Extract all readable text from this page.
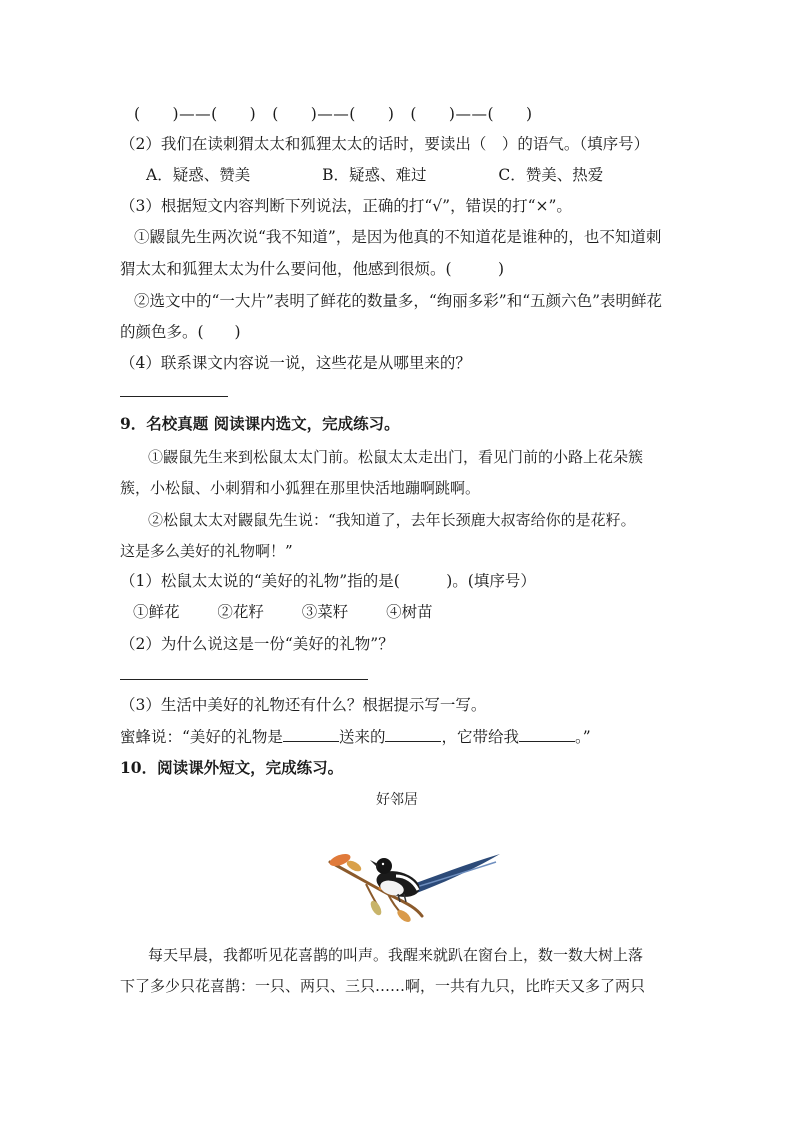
(　　)——(　　)　(　　)——(　　)　(　　)——(　　)
（2）我们在读刺猬太太和狐狸太太的话时，要读出（　）的语气。（填序号）
A．疑惑、赞美	B．疑惑、难过	C．赞美、热爱
（3）根据短文内容判断下列说法，正确的打“√”，错误的打“×”。
①鼹鼠先生两次说“我不知道”，是因为他真的不知道花是谁种的，也不知道刺
猬太太和狐狸太太为什么要问他，他感到很烦。(　　　)
②选文中的“一大片”表明了鲜花的数量多，“绚丽多彩”和“五颜六色”表明鲜花
的颜色多。(　　)
（4）联系课文内容说一说，这些花是从哪里来的？
9．名校真题 阅读课内选文，完成练习。
①鼹鼠先生来到松鼠太太门前。松鼠太太走出门，看见门前的小路上花朵簇
簇，小松鼠、小刺猬和小狐狸在那里快活地蹦啊跳啊。
②松鼠太太对鼹鼠先生说：“我知道了，去年长颈鹿大叔寄给你的是花籽。
这是多么美好的礼物啊！”
（1）松鼠太太说的“美好的礼物”指的是(　　　)。(填序号）
①鲜花 ②花籽 ③菜籽 ④树苗
（2）为什么说这是一份“美好的礼物”？
（3）生活中美好的礼物还有什么？根据提示写一写。
蜜蜂说：“美好的礼物是	送来的	，它带给我	。”
10．阅读课外短文，完成练习。
好邻居
每天早晨，我都听见花喜鹊的叫声。我醒来就趴在窗台上，数一数大树上落
下了多少只花喜鹊：一只、两只、三只……啊，一共有九只，比昨天又多了两只
